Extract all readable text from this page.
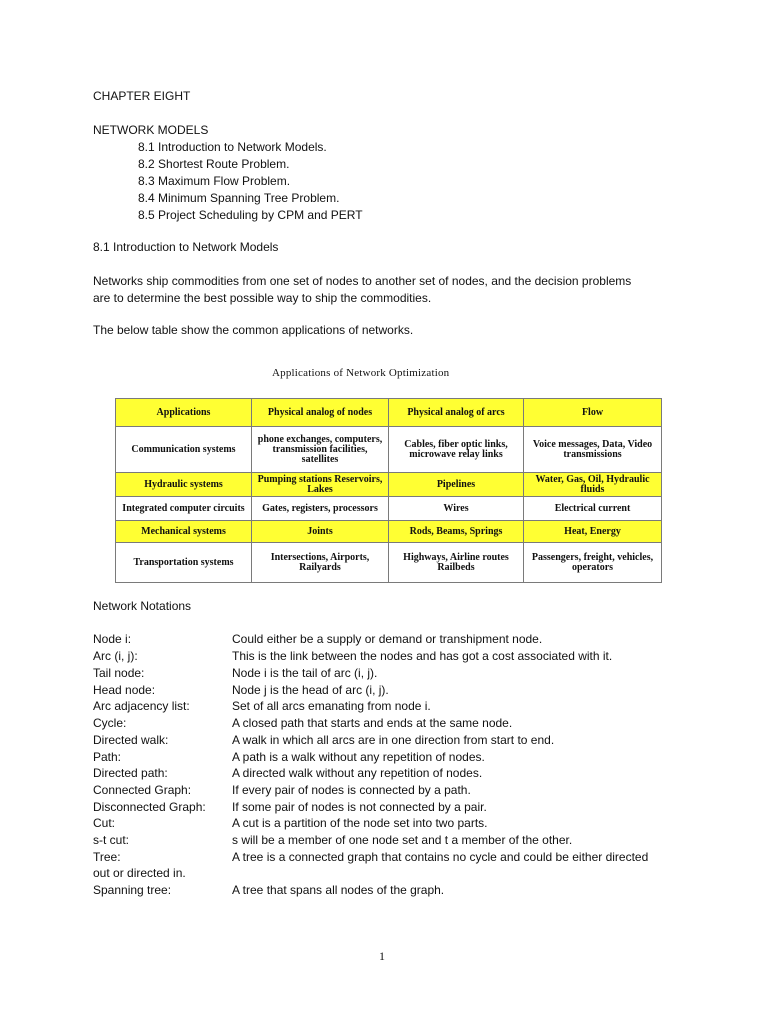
CHAPTER EIGHT
NETWORK MODELS
8.1 Introduction to Network Models.
8.2 Shortest Route Problem.
8.3 Maximum Flow Problem.
8.4 Minimum Spanning Tree Problem.
8.5 Project Scheduling by CPM and PERT
8.1 Introduction to Network Models
Networks ship commodities from one set of nodes to another set of nodes, and the decision problems
are to determine the best possible way to ship the commodities.
The below table show the common applications of networks.
Applications of Network Optimization
Applications	Physical analog of nodes	Physical analog of arcs	Flow
Communication systems	phone exchanges, computers, transmission facilities, satellites	Cables, fiber optic links, microwave relay links	Voice messages, Data, Video transmissions
Hydraulic systems	Pumping stations Reservoirs, Lakes	Pipelines	Water, Gas, Oil, Hydraulic fluids
Integrated computer circuits	Gates, registers, processors	Wires	Electrical current
Mechanical systems	Joints	Rods, Beams, Springs	Heat, Energy
Transportation systems	Intersections, Airports, Railyards	Highways, Airline routes Railbeds	Passengers, freight, vehicles, operators
Network Notations
Node i:	Could either be a supply or demand or transhipment node.
Arc (i, j):	This is the link between the nodes and has got a cost associated with it.
Tail node:	Node i is the tail of arc (i, j).
Head node:	Node j is the head of arc (i, j).
Arc adjacency list:	Set of all arcs emanating from node i.
Cycle:	A closed path that starts and ends at the same node.
Directed walk:	A walk in which all arcs are in one direction from start to end.
Path:	A path is a walk without any repetition of nodes.
Directed path:	A directed walk without any repetition of nodes.
Connected Graph:	If every pair of nodes is connected by a path.
Disconnected Graph: If some pair of nodes is not connected by a pair.
Cut:	A cut is a partition of the node set into two parts.
s-t cut:	s will be a member of one node set and t a member of the other.
Tree:	A tree is a connected graph that contains no cycle and could be either directed
out or directed in.
Spanning tree:	A tree that spans all nodes of the graph.
1
